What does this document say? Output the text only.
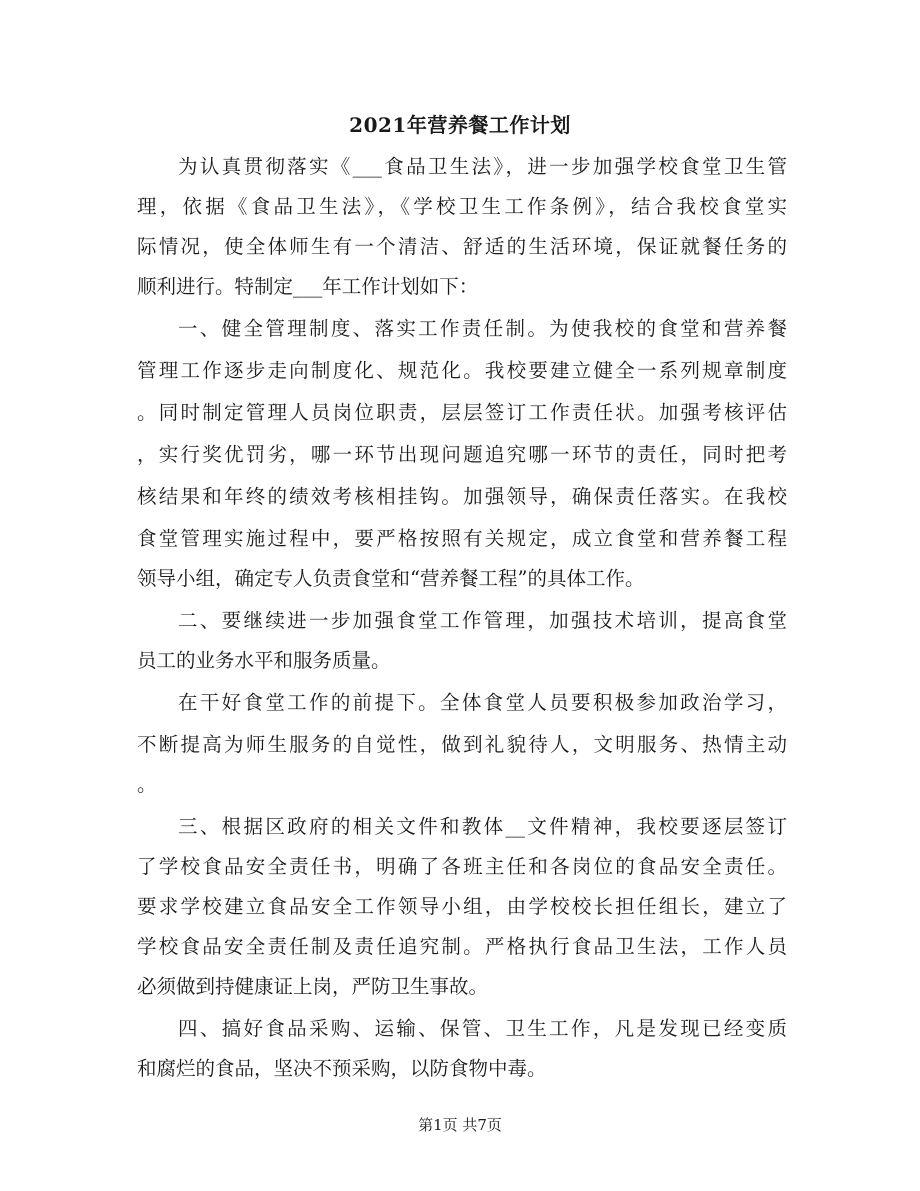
2021年营养餐工作计划
为认真贯彻落实《___食品卫生法》，进一步加强学校食堂卫生管
理，依据《食品卫生法》，《学校卫生工作条例》，结合我校食堂实
际情况，使全体师生有一个清洁、舒适的生活环境，保证就餐任务的
顺利进行。特制定___年工作计划如下：
一、健全管理制度、落实工作责任制。为使我校的食堂和营养餐
管理工作逐步走向制度化、规范化。我校要建立健全一系列规章制度
。同时制定管理人员岗位职责，层层签订工作责任状。加强考核评估
，实行奖优罚劣，哪一环节出现问题追究哪一环节的责任，同时把考
核结果和年终的绩效考核相挂钩。加强领导，确保责任落实。在我校
食堂管理实施过程中，要严格按照有关规定，成立食堂和营养餐工程
领导小组，确定专人负责食堂和“营养餐工程”的具体工作。
二、要继续进一步加强食堂工作管理，加强技术培训，提高食堂
员工的业务水平和服务质量。
在干好食堂工作的前提下。全体食堂人员要积极参加政治学习，
不断提高为师生服务的自觉性，做到礼貌待人，文明服务、热情主动
。
三、根据区政府的相关文件和教体__文件精神，我校要逐层签订
了学校食品安全责任书，明确了各班主任和各岗位的食品安全责任。
要求学校建立食品安全工作领导小组，由学校校长担任组长，建立了
学校食品安全责任制及责任追究制。严格执行食品卫生法，工作人员
必须做到持健康证上岗，严防卫生事故。
四、搞好食品采购、运输、保管、卫生工作，凡是发现已经变质
和腐烂的食品，坚决不预采购，以防食物中毒。
第1页 共7页
